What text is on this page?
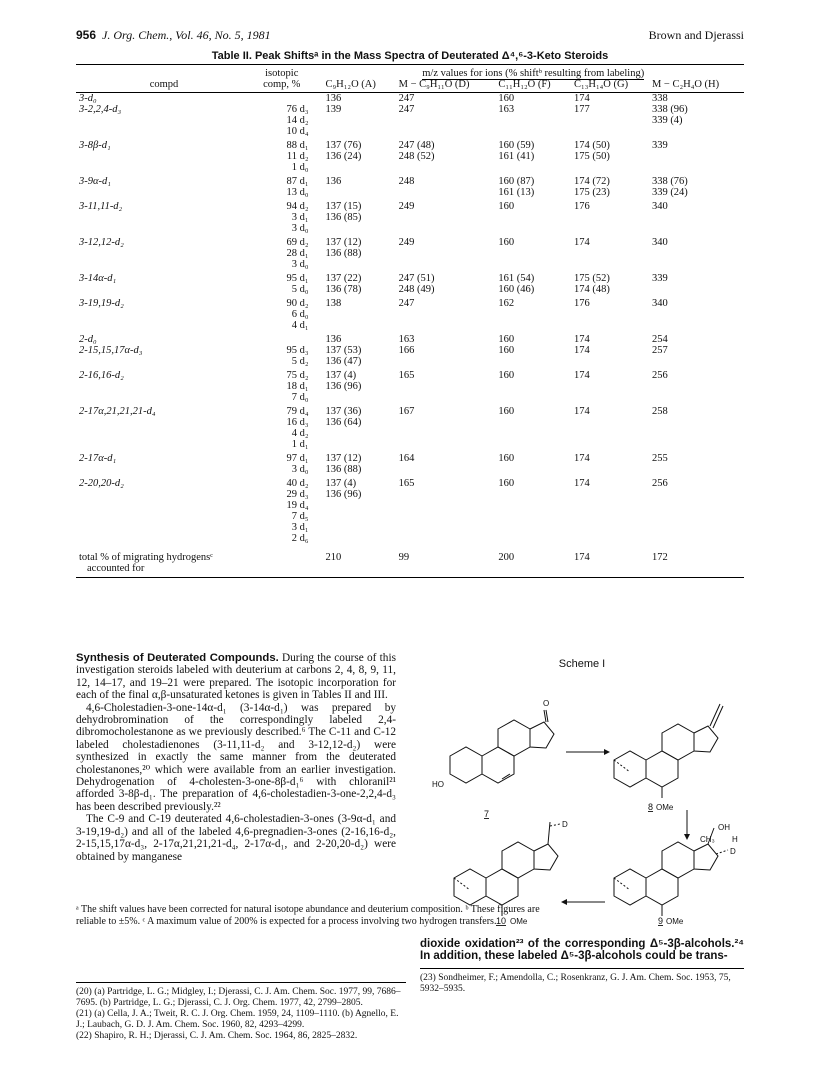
956 J. Org. Chem., Vol. 46, No. 5, 1981	Brown and Djerassi
Table II. Peak Shiftsᵃ in the Mass Spectra of Deuterated Δ⁴,⁶-3-Keto Steroids
	isotopic	m/z values for ions (% shiftᵇ resulting from labeling)				
compd	comp, %	C₉H₁₂O (A)	M − C₉H₁₁O (D)	C₁₁H₁₂O (F)	C₁₃H₁₄O (G)	M − C₂H₄O (H)
3-d₀		136	247	160	174	338
3-2,2,4-d₃	76 d₃	139	247	163	177	338 (96)
	14 d₂					339 (4)
	10 d₄					
3-8β-d₁	88 d₁	137 (76)	247 (48)	160 (59)	174 (50)	339
	11 d₂	136 (24)	248 (52)	161 (41)	175 (50)	
	1 d₀					
3-9α-d₁	87 d₁	136	248	160 (87)	174 (72)	338 (76)
	13 d₀			161 (13)	175 (23)	339 (24)
3-11,11-d₂	94 d₂	137 (15)	249	160	176	340
	3 d₁	136 (85)				
	3 d₀					
3-12,12-d₂	69 d₂	137 (12)	249	160	174	340
	28 d₁	136 (88)				
	3 d₀					
3-14α-d₁	95 d₁	137 (22)	247 (51)	161 (54)	175 (52)	339
	5 d₀	136 (78)	248 (49)	160 (46)	174 (48)	
3-19,19-d₂	90 d₂	138	247	162	176	340
	6 d₀					
	4 d₁					
2-d₀		136	163	160	174	254
2-15,15,17α-d₃	95 d₃	137 (53)	166	160	174	257
	5 d₂	136 (47)				
2-16,16-d₂	75 d₂	137 (4)	165	160	174	256
	18 d₁	136 (96)				
	7 d₀					
2-17α,21,21,21-d₄	79 d₄	137 (36)	167	160	174	258
	16 d₃	136 (64)				
	4 d₂					
	1 d₁					
2-17α-d₁	97 d₁	137 (12)	164	160	174	255
	3 d₀	136 (88)				
2-20,20-d₂	40 d₂	137 (4)	165	160	174	256
	29 d₃	136 (96)				
	19 d₄					
	7 d₅					
	3 d₁					
	2 d₆					

total % of migrating hydrogensᶜ
accounted for		210	99	200	174	172
ᵃ The shift values have been corrected for natural isotope abundance and deuterium composition. ᵇ These figures are
reliable to ±5%. ᶜ A maximum value of 200% is expected for a process involving two hydrogen transfers.

Synthesis of Deuterated Compounds. During the course of this investigation steroids labeled with deuterium at carbons 2, 4, 8, 9, 11, 12, 14–17, and 19–21 were prepared. The isotopic incorporation for each of the final α,β-unsaturated ketones is given in Tables II and III.

4,6-Cholestadien-3-one-14α-d₁ (3-14α-d₁) was prepared by dehydrobromination of the correspondingly labeled 2,4-dibromocholestanone as we previously described.⁶ The C-11 and C-12 labeled cholestadienones (3-11,11-d₂ and 3-12,12-d₂) were synthesized in exactly the same manner from the deuterated cholestanones,²⁰ which were available from an earlier investigation. Dehydrogenation of 4-cholesten-3-one-8β-d₁⁶ with chloranil²¹ afforded 3-8β-d₁. The preparation of 4,6-cholestadien-3-one-2,2,4-d₃ has been described previously.²²

The C-9 and C-19 deuterated 4,6-cholestadien-3-ones (3-9α-d₁ and 3-19,19-d₂) and all of the labeled 4,6-pregnadien-3-ones (2-16,16-d₂, 2-15,15,17α-d₃, 2-17α,21,21,21-d₄, 2-17α-d₁, and 2-20,20-d₂) were obtained by manganese

Scheme I
O
HO
7
8 OMe
OH
CH₃ H
D
9 OMe
D
10 OMe
dioxide oxidation²³ of the corresponding Δ⁵-3β-alcohols.²⁴ In addition, these labeled Δ⁵-3β-alcohols could be trans-
(20) (a) Partridge, L. G.; Midgley, I.; Djerassi, C. J. Am. Chem. Soc. 1977, 99, 7686–7695. (b) Partridge, L. G.; Djerassi, C. J. Org. Chem. 1977, 42, 2799–2805.
(21) (a) Cella, J. A.; Tweit, R. C. J. Org. Chem. 1959, 24, 1109–1110. (b) Agnello, E. J.; Laubach, G. D. J. Am. Chem. Soc. 1960, 82, 4293–4299.
(22) Shapiro, R. H.; Djerassi, C. J. Am. Chem. Soc. 1964, 86, 2825–2832.
(23) Sondheimer, F.; Amendolla, C.; Rosenkranz, G. J. Am. Chem. Soc. 1953, 75, 5932–5935.
